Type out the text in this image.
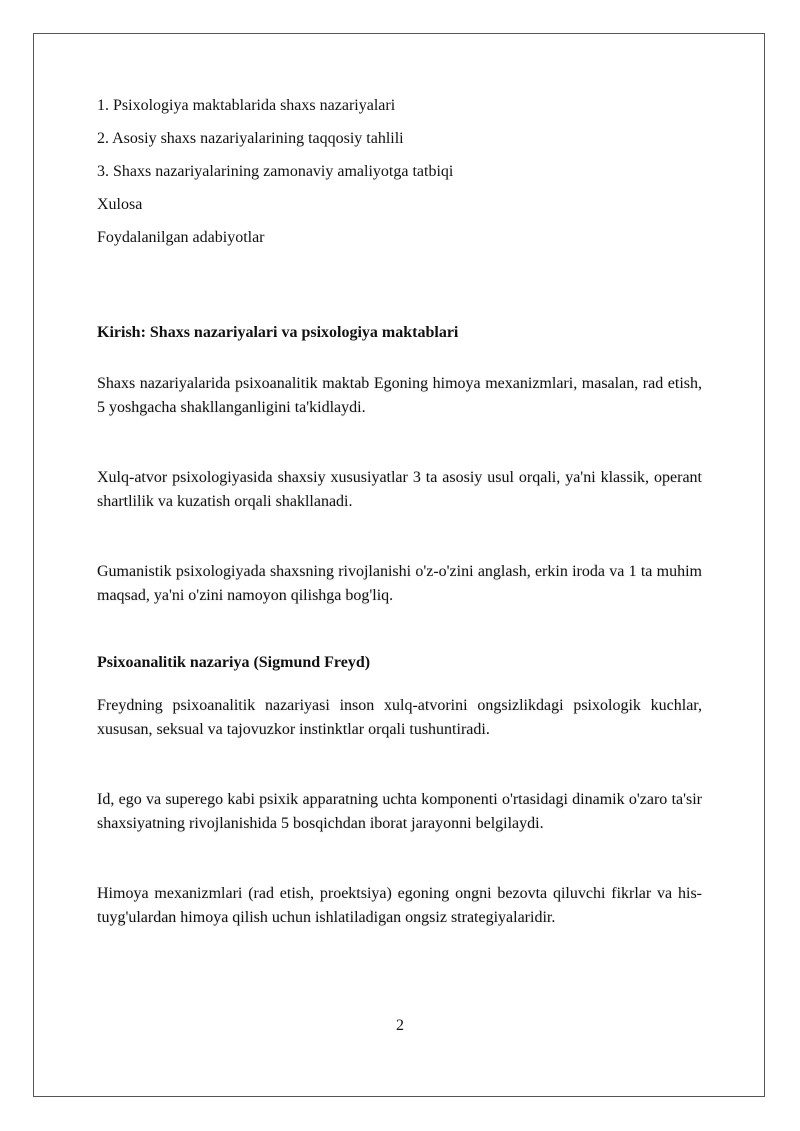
1. Psixologiya maktablarida shaxs nazariyalari
2. Asosiy shaxs nazariyalarining taqqosiy tahlili
3. Shaxs nazariyalarining zamonaviy amaliyotga tatbiqi
Xulosa
Foydalanilgan adabiyotlar
Kirish: Shaxs nazariyalari va psixologiya maktablari

Shaxs nazariyalarida psixoanalitik maktab Egoning himoya mexanizmlari, masalan, rad etish, 5 yoshgacha shakllanganligini ta'kidlaydi.

Xulq-atvor psixologiyasida shaxsiy xususiyatlar 3 ta asosiy usul orqali, ya'ni klassik, operant shartlilik va kuzatish orqali shakllanadi.

Gumanistik psixologiyada shaxsning rivojlanishi o'z-o'zini anglash, erkin iroda va 1 ta muhim maqsad, ya'ni o'zini namoyon qilishga bog'liq.

Psixoanalitik nazariya (Sigmund Freyd)

Freydning psixoanalitik nazariyasi inson xulq-atvorini ongsizlikdagi psixologik kuchlar, xususan, seksual va tajovuzkor instinktlar orqali tushuntiradi.

Id, ego va superego kabi psixik apparatning uchta komponenti o'rtasidagi dinamik o'zaro ta'sir shaxsiyatning rivojlanishida 5 bosqichdan iborat jarayonni belgilaydi.

Himoya mexanizmlari (rad etish, proektsiya) egoning ongni bezovta qiluvchi fikrlar va his-tuyg'ulardan himoya qilish uchun ishlatiladigan ongsiz strategiyalaridir.

2
